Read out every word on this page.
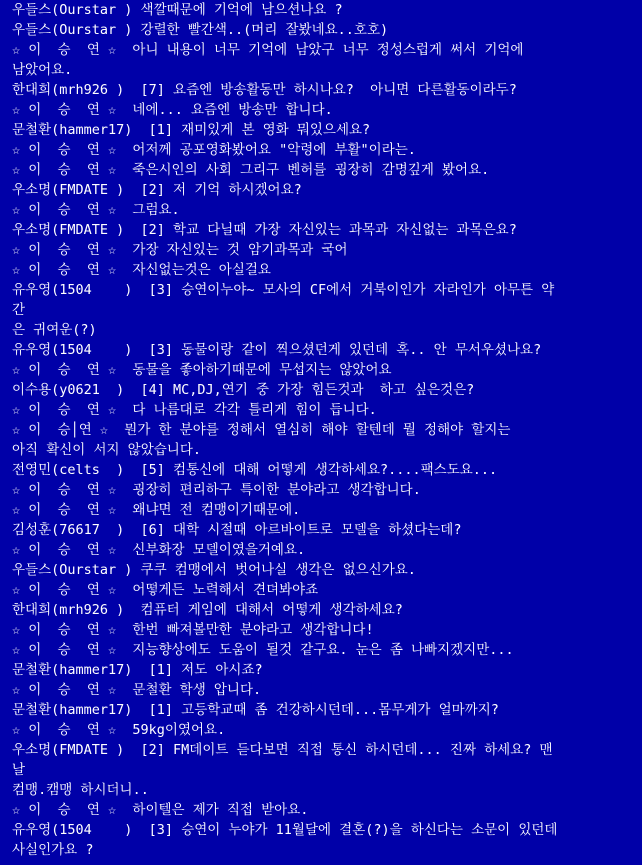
우들스(Ourstar ) 색깔때문에 기억에 남으션나요 ?
우들스(Ourstar ) 강렬한 빨간색..(머리 잘봤네요..호호)
☆ 이  승  연 ☆  아니 내용이 너무 기억에 남았구 너무 정성스럽게 써서 기억에
남았어요.
한대희(mrh926 )  [7] 요즘엔 방송활동만 하시나요?  아니면 다른활동이라두?
☆ 이  승  연 ☆  네에... 요즘엔 방송만 합니다.
문철환(hammer17)  [1] 재미있게 본 영화 뭐있으세요?
☆ 이  승  연 ☆  어저께 공포영화봤어요 "악령에 부활"이라는.
☆ 이  승  연 ☆  죽은시인의 사회 그리구 벤허를 굉장히 감명깊게 봤어요.
우소명(FMDATE )  [2] 저 기억 하시겠어요?
☆ 이  승  연 ☆  그럼요.
우소명(FMDATE )  [2] 학교 다닐때 가장 자신있는 과목과 자신없는 과목은요?
☆ 이  승  연 ☆  가장 자신있는 것 암기과목과 국어
☆ 이  승  연 ☆  자신없는것은 아실걸요
유우영(1504    )  [3] 승연이누야~ 모사의 CF에서 거북이인가 자라인가 아무튼 약
간
은 귀여운(?)
유우영(1504    )  [3] 동물이랑 같이 찍으셨던게 있던데 혹.. 안 무서우셨나요?
☆ 이  승  연 ☆  동물을 좋아하기때문에 무섭지는 않았어요
이수용(y0621  )  [4] MC,DJ,연기 중 가장 힘든것과  하고 싶은것은?
☆ 이  승  연 ☆  다 나름대로 각각 틀리게 힘이 듭니다.
☆ 이  승│연 ☆  뭔가 한 분야를 정해서 열심히 해야 할텐데 뭘 정해야 할지는
아직 확신이 서지 않았습니다.
전영민(celts  )  [5] 컴통신에 대해 어떻게 생각하세요?....팩스도요...
☆ 이  승  연 ☆  굉장히 편리하구 특이한 분야라고 생각합니다.
☆ 이  승  연 ☆  왜냐면 전 컴맹이기때문에.
김성훈(76617  )  [6] 대학 시절때 아르바이트로 모델을 하셨다는데?
☆ 이  승  연 ☆  신부화장 모델이였을거예요.
우들스(Ourstar ) 쿠쿠 컴맹에서 벗어나실 생각은 없으신가요.
☆ 이  승  연 ☆  어떻게든 노력해서 견뎌봐야죠
한대희(mrh926 )  컴퓨터 게임에 대해서 어떻게 생각하세요?
☆ 이  승  연 ☆  한번 빠져볼만한 분야라고 생각합니다!
☆ 이  승  연 ☆  지능향상에도 도움이 될것 같구요. 눈은 좀 나빠지겠지만...
문철환(hammer17)  [1] 저도 아시죠?
☆ 이  승  연 ☆  문철환 학생 압니다.
문철환(hammer17)  [1] 고등학교때 좀 건강하시던데...몸무게가 얼마까지?
☆ 이  승  연 ☆  59kg이였어요.
우소명(FMDATE )  [2] FM데이트 듣다보면 직접 통신 하시던데... 진짜 하세요? 맨
날
컴맹.캠맹 하시더니..
☆ 이  승  연 ☆  하이텔은 제가 직접 받아요.
유우영(1504    )  [3] 승연이 누야가 11월달에 결혼(?)을 하신다는 소문이 있던데
사실인가요 ?
